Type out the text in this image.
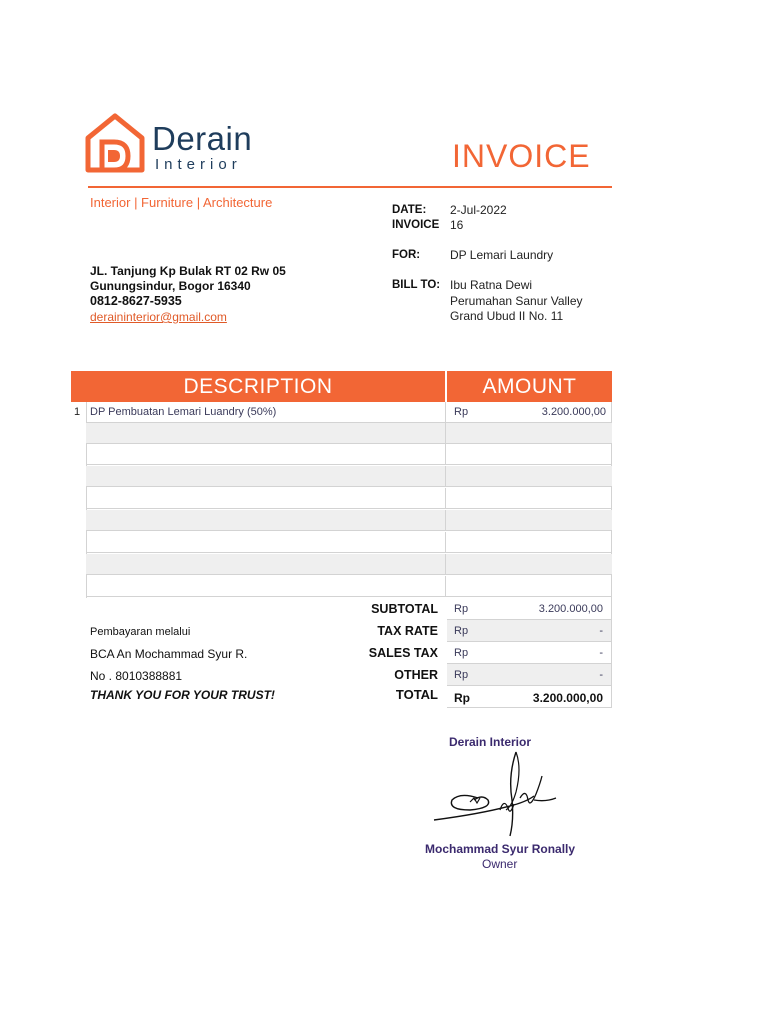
Derain
Interior	INVOICE
Interior | Furniture | Architecture
JL. Tanjung Kp Bulak RT 02 Rw 05
Gunungsindur, Bogor 16340
0812-8627-5935
deraininterior@gmail.com
DATE: 2-Jul-2022
INVOICE 16
FOR: DP Lemari Laundry
BILL TO: Ibu Ratna Dewi
Perumahan Sanur Valley
Grand Ubud II No. 11
DESCRIPTION	AMOUNT
1 DP Pembuatan Lemari Luandry (50%)	Rp	3.200.000,00
SUBTOTAL Rp	3.200.000,00
TAX RATE Rp	-
SALES TAX Rp	-
OTHER Rp	-
TOTAL Rp	3.200.000,00
Pembayaran melalui
BCA An Mochammad Syur R.
No . 8010388881
THANK YOU FOR YOUR TRUST!
Derain Interior
Mochammad Syur Ronally
Owner
